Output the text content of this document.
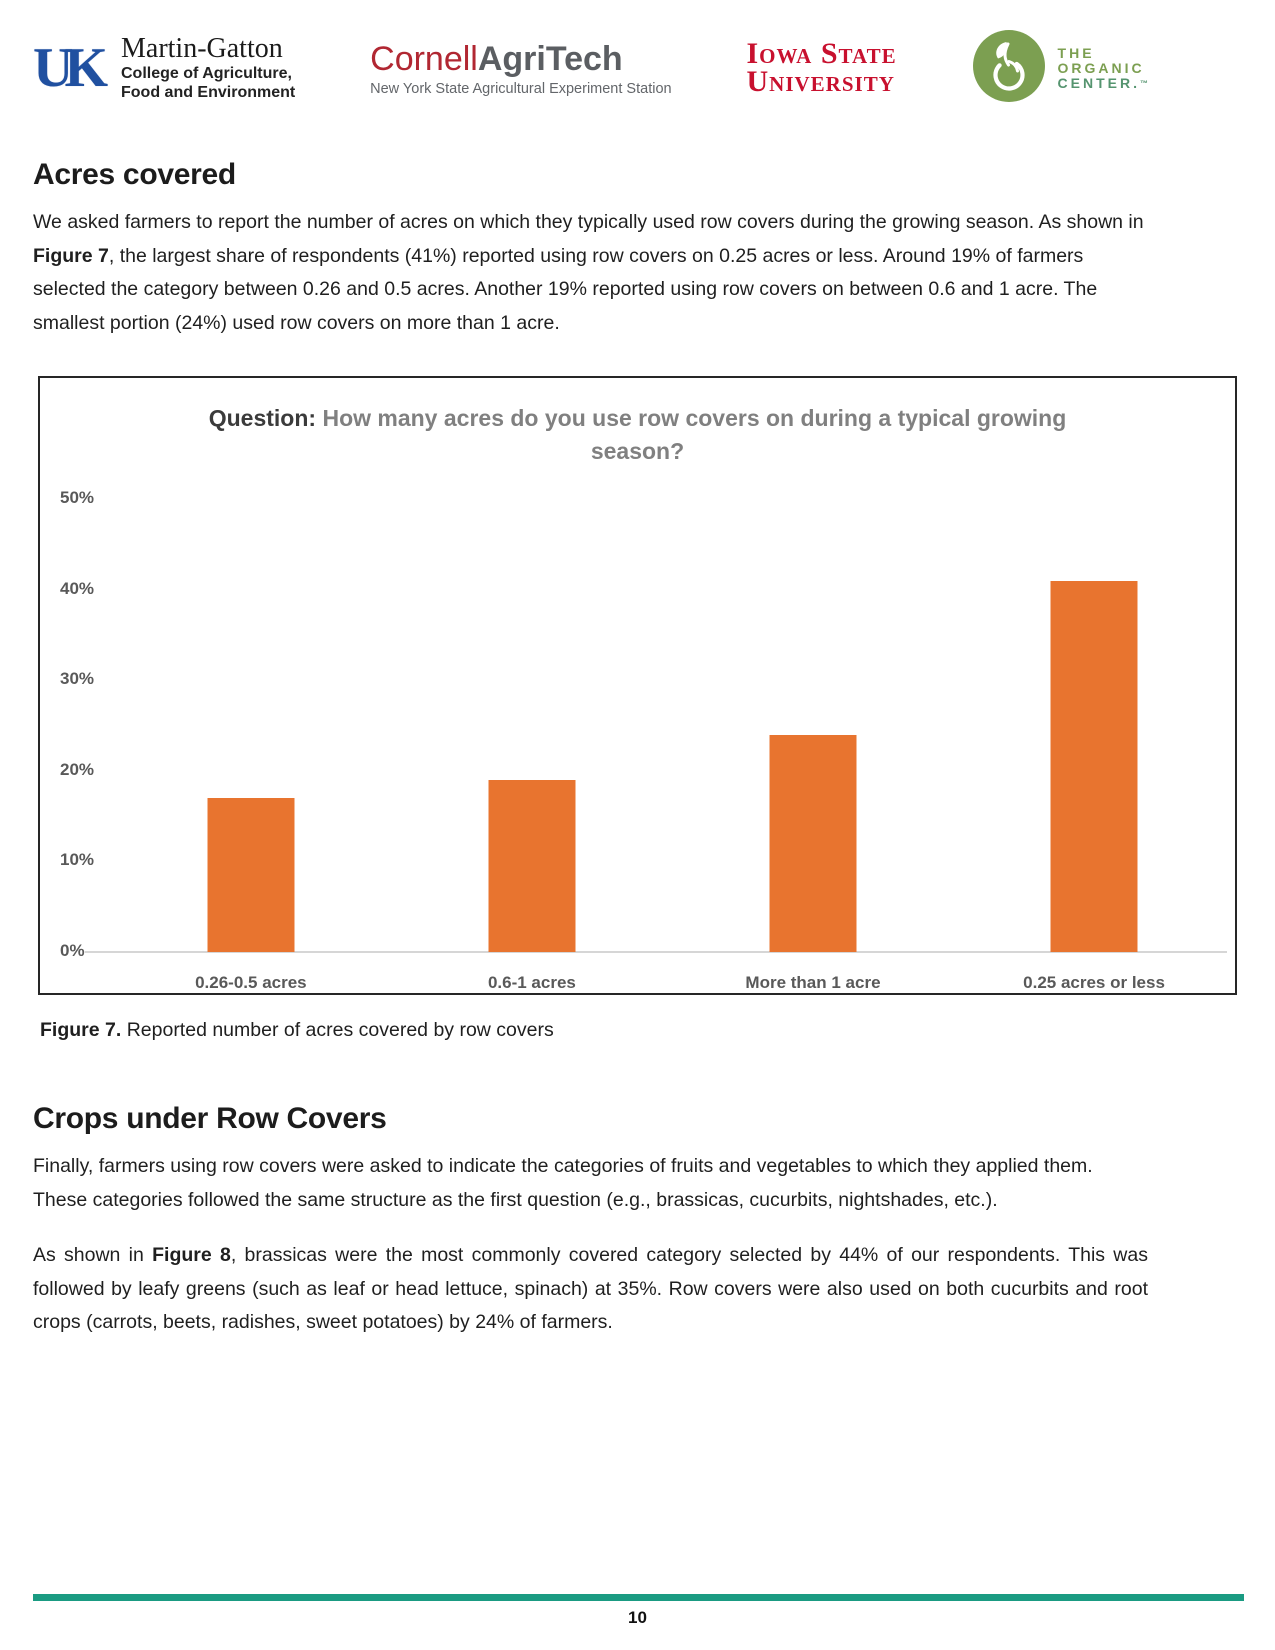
UK Martin-Gatton
College of Agriculture,
Food and Environment
CornellAgriTech
New York State Agricultural Experiment Station
Iowa State
University
THE
ORGANIC
CENTER.™
Acres covered
We asked farmers to report the number of acres on which they typically used row covers during the growing season. As shown in Figure 7, the largest share of respondents (41%) reported using row covers on 0.25 acres or less. Around 19% of farmers selected the category between 0.26 and 0.5 acres. Another 19% reported using row covers on between 0.6 and 1 acre. The smallest portion (24%) used row covers on more than 1 acre.
Question: How many acres do you use row covers on during a typical growing season?
0%
10%
20%
30%
40%
50%
0.26-0.5 acres	0.6-1 acres	More than 1 acre	0.25 acres or less
Figure 7. Reported number of acres covered by row covers
Crops under Row Covers
Finally, farmers using row covers were asked to indicate the categories of fruits and vegetables to which they applied them. These categories followed the same structure as the first question (e.g., brassicas, cucurbits, nightshades, etc.).
As shown in Figure 8, brassicas were the most commonly covered category selected by 44% of our respondents. This was followed by leafy greens (such as leaf or head lettuce, spinach) at 35%. Row covers were also used on both cucurbits and root crops (carrots, beets, radishes, sweet potatoes) by 24% of farmers.
10
